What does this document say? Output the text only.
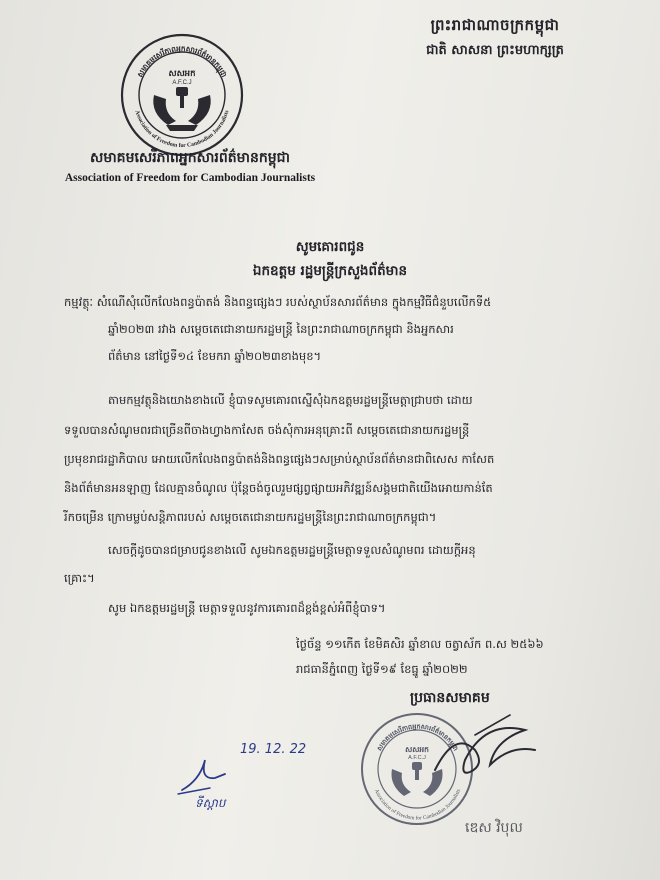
ព្រះរាជាណាចក្រកម្ពុជា
ជាតិ សាសនា ព្រះមហាក្សត្រ
សមាគមសេរីភាពអ្នកសារព័ត៌មានកម្ពុជា
Association of Freedom for Cambodian Journalists
សសអក
A.F.C.J
សមាគមសេរីភាពអ្នកសារព័ត៌មានកម្ពុជា
Association of Freedom for Cambodian Journalists
សូមគោរពជូន
ឯកឧត្តម រដ្ឋមន្ត្រីក្រសួងព័ត៌មាន
កម្មវត្ថុៈ សំណើសុំលើកលែងពន្ធប៉ាតង់ និងពន្ធផ្សេងៗ របស់ស្ថាប័នសារព័ត៌មាន ក្នុងកម្មវិធីជំនួបលើកទី៥
ឆ្នាំ២០២៣ រវាង សម្ដេចតេជោនាយករដ្ឋមន្ត្រី នៃព្រះរាជាណាចក្រកម្ពុជា និងអ្នកសារ
ព័ត៌មាន នៅថ្ងៃទី១៤ ខែមករា ឆ្នាំ២០២៣ខាងមុខ។
តាមកម្មវត្ថុនិងយោងខាងលើ ខ្ញុំបាទសូមគោរពស្នើសុំឯកឧត្តមរដ្ឋមន្ត្រីមេត្តាជ្រាបថា ដោយ
ទទួលបានសំណូមពរជាច្រើនពីចាងហ្វាងកាសែត ចង់សុំការអនុគ្រោះពី សម្ដេចតេជោនាយករដ្ឋមន្ត្រី
ប្រមុខរាជរដ្ឋាភិបាល អោយលើកលែងពន្ធប៉ាតង់និងពន្ធផ្សេងៗសម្រាប់ស្ថាប័នព័ត៌មានជាពិសេស កាសែត
និងព័ត៌មានអនឡាញ ដែលគ្មានចំណូល ប៉ុន្តែចង់ចូលរួមផ្សព្វផ្សាយអភិវឌ្ឍន៍សង្គមជាតិយើងអោយកាន់តែ
រីកចម្រើន ក្រោមម្លប់សន្តិភាពរបស់ សម្ដេចតេជោនាយករដ្ឋមន្ត្រីនៃព្រះរាជាណាចក្រកម្ពុជា។
សេចក្ដីដូចបានជម្រាបជូនខាងលើ សូមឯកឧត្តមរដ្ឋមន្ត្រីមេត្តាទទួលសំណូមពរ ដោយក្ដីអនុ
គ្រោះ។
សូម ឯកឧត្តមរដ្ឋមន្ត្រី មេត្តាទទួលនូវការគោរពដ៏ខ្ពង់ខ្ពស់អំពីខ្ញុំបាទ។
ថ្ងៃច័ន្ទ ១១កើត ខែមិគសិរ ឆ្នាំខាល ចត្វាស័ក ព.ស ២៥៦៦
រាជធានីភ្នំពេញ ថ្ងៃទី១៩ ខែធ្នូ ឆ្នាំ២០២២
ប្រធានសមាគម
សមាគមសេរីភាពអ្នកសារព័ត៌មានកម្ពុជា
Association of Freedom for Cambodian Journalists
សសអក
A.F.C.J
19. 12. 22
ទីស្ដាប
ឌេស វិបុល
